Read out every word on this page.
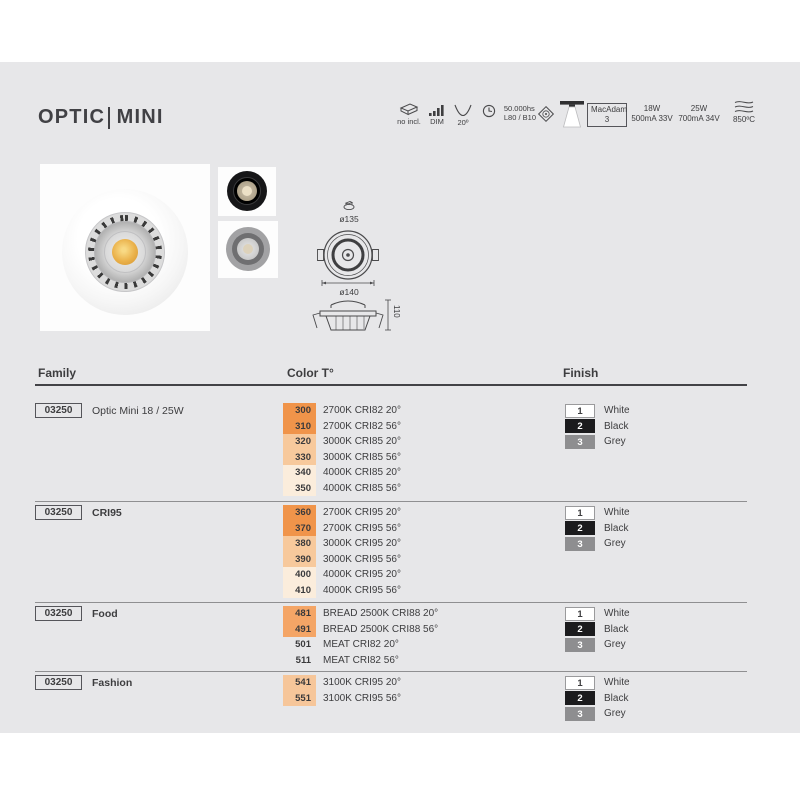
OPTIC MINI	no incl.	DIM	20º
50.000hs
L80 / B10
MacAdam
3
18W
500mA 33V
25W
700mA 34V	850ºC
ø135
ø140
110
Family	Color T°	Finish
03250	Optic Mini 18 / 25W	300	2700K CRI82 20°
310	2700K CRI82 56°
320	3000K CRI85 20°
330	3000K CRI85 56°
340	4000K CRI85 20°
350	4000K CRI85 56°
1	White
2	Black
3	Grey
03250	CRI95	360	2700K CRI95 20°
370	2700K CRI95 56°
380	3000K CRI95 20°
390	3000K CRI95 56°
400	4000K CRI95 20°
410	4000K CRI95 56°
1	White
2	Black
3	Grey
03250	Food	481	BREAD 2500K CRI88 20°
491	BREAD 2500K CRI88 56°
501	MEAT CRI82 20°
511	MEAT CRI82 56°
1	White
2	Black
3	Grey
03250	Fashion	541	3100K CRI95 20°
551	3100K CRI95 56°
1	White
2	Black
3	Grey
